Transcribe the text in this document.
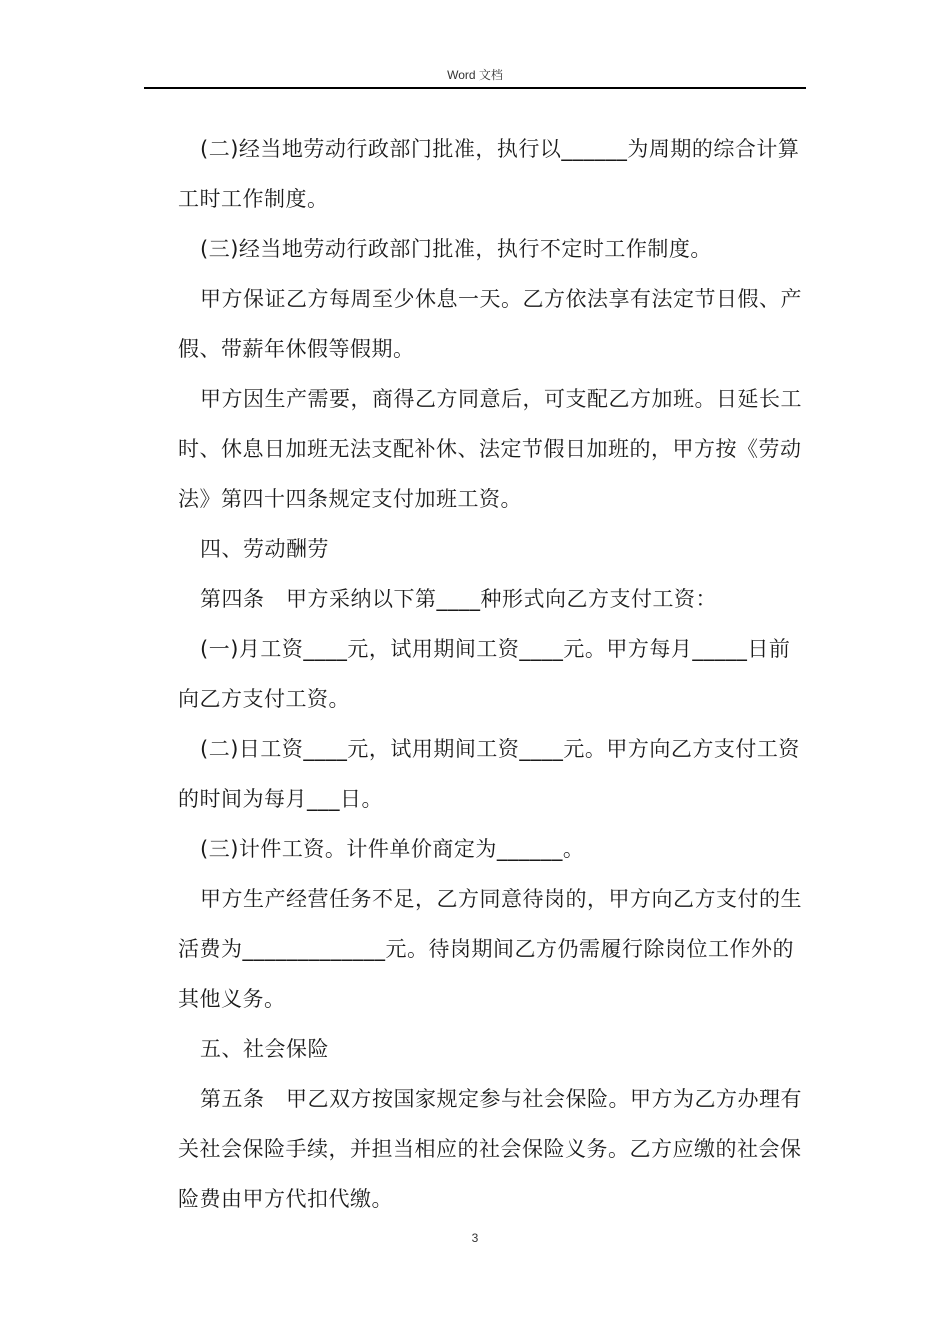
Word 文档

(二)经当地劳动行政部门批准，执行以______为周期的综合计算工时工作制度。

(三)经当地劳动行政部门批准，执行不定时工作制度。

甲方保证乙方每周至少休息一天。乙方依法享有法定节日假、产假、带薪年休假等假期。

甲方因生产需要，商得乙方同意后，可支配乙方加班。日延长工时、休息日加班无法支配补休、法定节假日加班的，甲方按《劳动法》第四十四条规定支付加班工资。

四、劳动酬劳

第四条　甲方采纳以下第____种形式向乙方支付工资：

(一)月工资____元，试用期间工资____元。甲方每月_____日前向乙方支付工资。

(二)日工资____元，试用期间工资____元。甲方向乙方支付工资的时间为每月___日。

(三)计件工资。计件单价商定为______。

甲方生产经营任务不足，乙方同意待岗的，甲方向乙方支付的生活费为_____________元。待岗期间乙方仍需履行除岗位工作外的其他义务。

五、社会保险

第五条　甲乙双方按国家规定参与社会保险。甲方为乙方办理有关社会保险手续，并担当相应的社会保险义务。乙方应缴的社会保险费由甲方代扣代缴。

3
